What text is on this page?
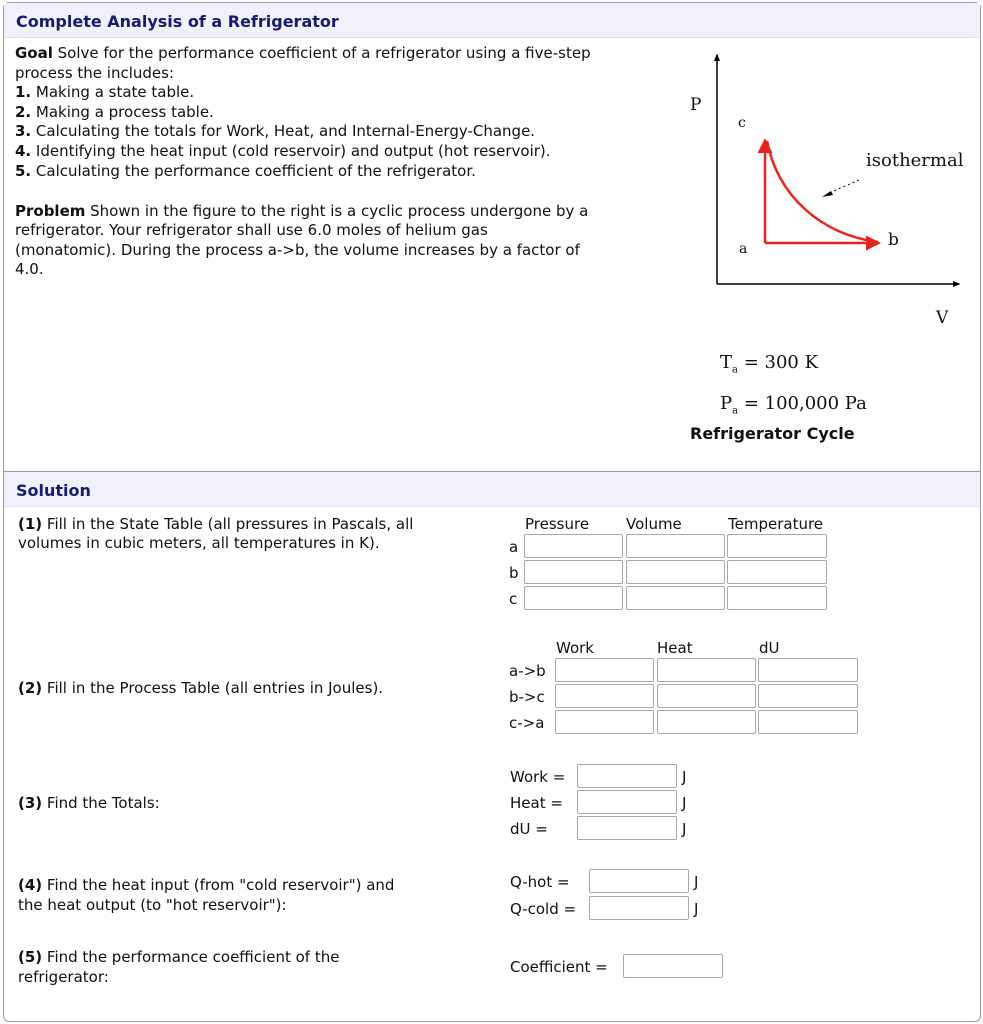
Complete Analysis of a Refrigerator
Goal Solve for the performance coefficient of a refrigerator using a five-step
process the includes:
1. Making a state table.
2. Making a process table.
3. Calculating the totals for Work, Heat, and Internal-Energy-Change.
4. Identifying the heat input (cold reservoir) and output (hot reservoir).
5. Calculating the performance coefficient of the refrigerator.
Problem Shown in the figure to the right is a cyclic process undergone by a
refrigerator. Your refrigerator shall use 6.0 moles of helium gas
(monatomic). During the process a->b, the volume increases by a factor of
4.0.
P
c
isothermal
a	b
V
$T_a = 300$ K
$P_a = 100,000$ Pa
Refrigerator Cycle
Solution
(1) Fill in the State Table (all pressures in Pascals, all
volumes in cubic meters, all temperatures in K).
Pressure Volume	Temperature
a
b
c
(2) Fill in the Process Table (all entries in Joules).
Work	Heat	dU
a->b
b->c
c->a
(3) Find the Totals:
Work =	J
Heat =	J
dU =	J
(4) Find the heat input (from "cold reservoir") and
the heat output (to "hot reservoir"):
Q-hot =	J
Q-cold =	J
(5) Find the performance coefficient of the
refrigerator:
Coefficient =
